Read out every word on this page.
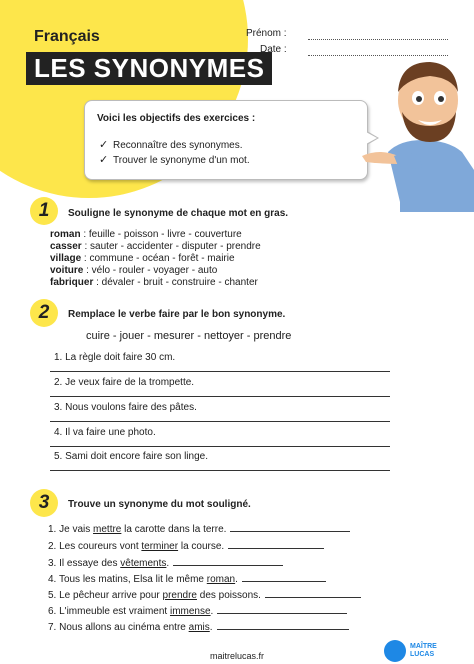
Français
LES SYNONYMES
Prénom :
Date :
Voici les objectifs des exercices :
✓ Reconnaître des synonymes.
✓ Trouver le synonyme d'un mot.
1	Souligne le synonyme de chaque mot en gras.
roman : feuille - poisson - livre - couverture
casser : sauter - accidenter - disputer - prendre
village : commune - océan - forêt - mairie
voiture : vélo - rouler - voyager - auto
fabriquer : dévaler - bruit - construire - chanter
2	Remplace le verbe faire par le bon synonyme.
cuire - jouer - mesurer - nettoyer - prendre
1. La règle doit faire 30 cm.
2. Je veux faire de la trompette.
3. Nous voulons faire des pâtes.
4. Il va faire une photo.
5. Sami doit encore faire son linge.
3	Trouve un synonyme du mot souligné.
1. Je vais mettre la carotte dans la terre.
2. Les coureurs vont terminer la course.
3. Il essaye des vêtements.
4. Tous les matins, Elsa lit le même roman.
5. Le pêcheur arrive pour prendre des poissons.
6. L'immeuble est vraiment immense.
7. Nous allons au cinéma entre amis.
maitrelucas.fr
MAÎTRE
LUCAS
